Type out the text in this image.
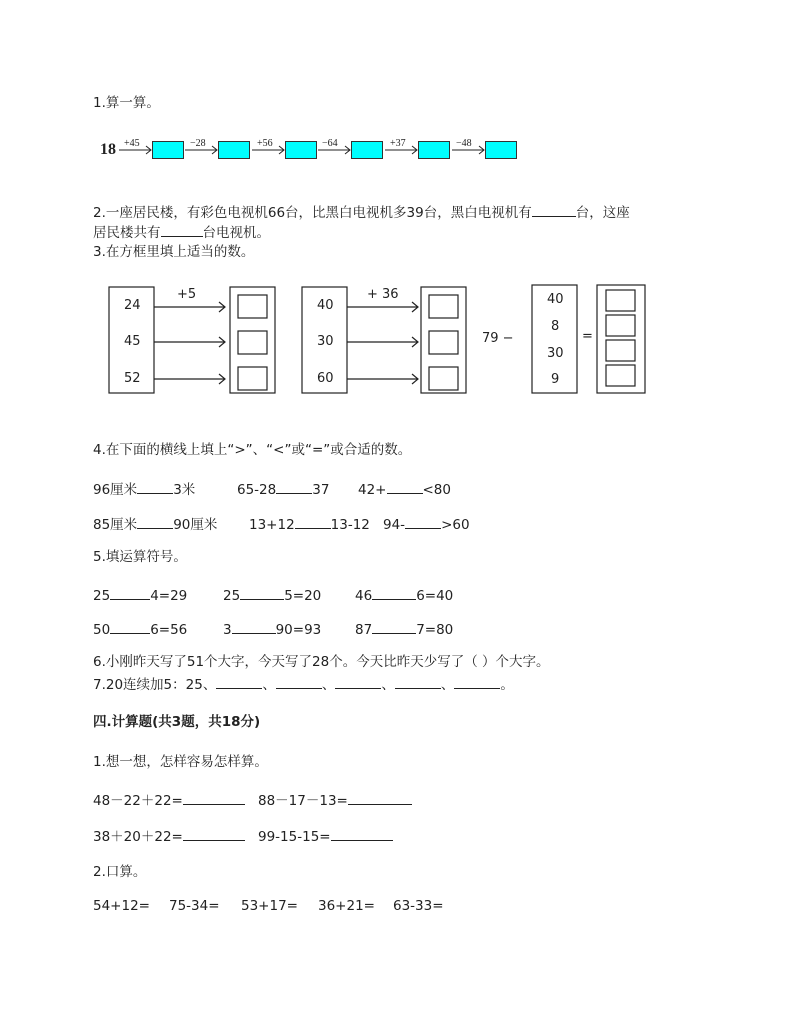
1.算一算。
18 +45	−28	+56	−64	+37	−48
2.一座居民楼，有彩色电视机66台，比黑白电视机多39台，黑白电视机有	台，这座
居民楼共有	台电视机。
3.在方框里填上适当的数。
+5
24
45
52
+ 36
40
30
60
79 −
40
8
30
9
=
4.在下面的横线上填上“>”、“<”或“=”或合适的数。
96厘米	3米	65-28	37 42+	<80
85厘米	90厘米 13+12	13-12 94-	>60
5.填运算符号。
25	4=29	25	5=20 46	6=40
50	6=56	3	90=93 87	7=80
6.小刚昨天写了51个大字，今天写了28个。今天比昨天少写了（ ）个大字。
7.20连续加5：25、	、	、	、	、	。
四.计算题(共3题，共18分)
1.想一想，怎样容易怎样算。
48－22＋22=	88－17－13=
38＋20＋22=	99-15-15=
2.口算。
54+12= 75-34= 53+17= 36+21= 63-33=
